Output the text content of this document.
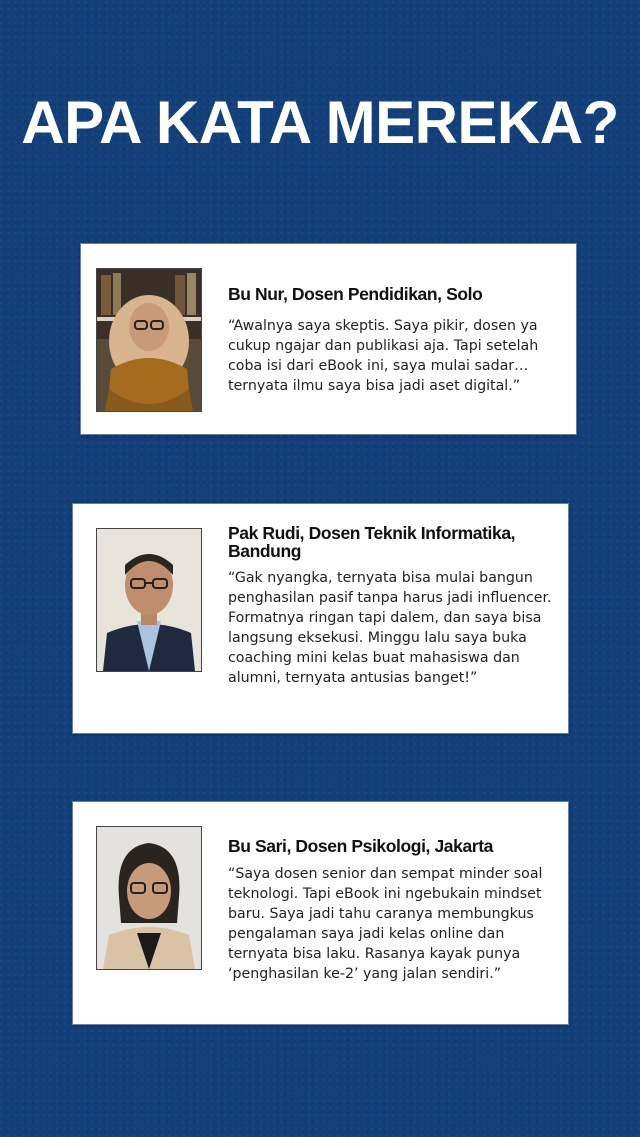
APA KATA MEREKA?

Bu Nur, Dosen Pendidikan, Solo

“Awalnya saya skeptis. Saya pikir, dosen ya cukup ngajar dan publikasi aja. Tapi setelah coba isi dari eBook ini, saya mulai sadar… ternyata ilmu saya bisa jadi aset digital.”

Pak Rudi, Dosen Teknik Informatika, Bandung

“Gak nyangka, ternyata bisa mulai bangun penghasilan pasif tanpa harus jadi influencer. Formatnya ringan tapi dalem, dan saya bisa langsung eksekusi. Minggu lalu saya buka coaching mini kelas buat mahasiswa dan alumni, ternyata antusias banget!”

Bu Sari, Dosen Psikologi, Jakarta

“Saya dosen senior dan sempat minder soal teknologi. Tapi eBook ini ngebukain mindset baru. Saya jadi tahu caranya membungkus pengalaman saya jadi kelas online dan ternyata bisa laku. Rasanya kayak punya ‘penghasilan ke-2’ yang jalan sendiri.”
